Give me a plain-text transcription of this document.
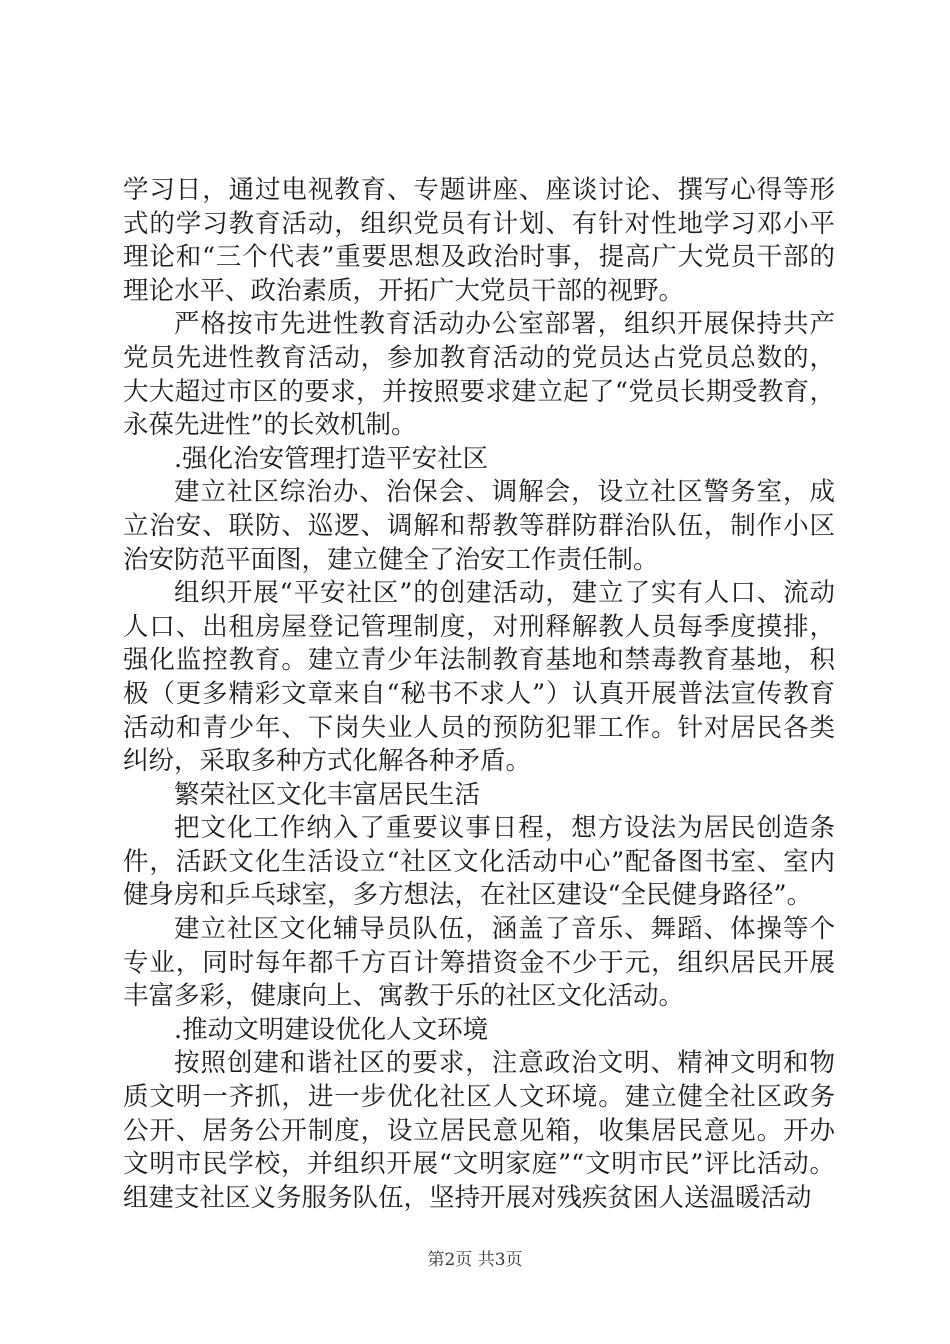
学习日，通过电视教育、专题讲座、座谈讨论、撰写心得等形式的学习教育活动，组织党员有计划、有针对性地学习邓小平理论和“三个代表”重要思想及政治时事，提高广大党员干部的理论水平、政治素质，开拓广大党员干部的视野。

严格按市先进性教育活动办公室部署，组织开展保持共产党员先进性教育活动，参加教育活动的党员达占党员总数的，大大超过市区的要求，并按照要求建立起了“党员长期受教育，永葆先进性”的长效机制。

.强化治安管理打造平安社区

建立社区综治办、治保会、调解会，设立社区警务室，成立治安、联防、巡逻、调解和帮教等群防群治队伍，制作小区治安防范平面图，建立健全了治安工作责任制。

组织开展“平安社区”的创建活动，建立了实有人口、流动人口、出租房屋登记管理制度，对刑释解教人员每季度摸排，强化监控教育。建立青少年法制教育基地和禁毒教育基地，积极（更多精彩文章来自“秘书不求人”）认真开展普法宣传教育活动和青少年、下岗失业人员的预防犯罪工作。针对居民各类纠纷，采取多种方式化解各种矛盾。

繁荣社区文化丰富居民生活

把文化工作纳入了重要议事日程，想方设法为居民创造条件，活跃文化生活设立“社区文化活动中心”配备图书室、室内健身房和乒乓球室，多方想法，在社区建设“全民健身路径”。

建立社区文化辅导员队伍，涵盖了音乐、舞蹈、体操等个专业，同时每年都千方百计筹措资金不少于元，组织居民开展丰富多彩，健康向上、寓教于乐的社区文化活动。

.推动文明建设优化人文环境

按照创建和谐社区的要求，注意政治文明、精神文明和物质文明一齐抓，进一步优化社区人文环境。建立健全社区政务公开、居务公开制度，设立居民意见箱，收集居民意见。开办文明市民学校，并组织开展“文明家庭”“文明市民”评比活动。组建支社区义务服务队伍，坚持开展对残疾贫困人送温暖活动

第2页 共3页
